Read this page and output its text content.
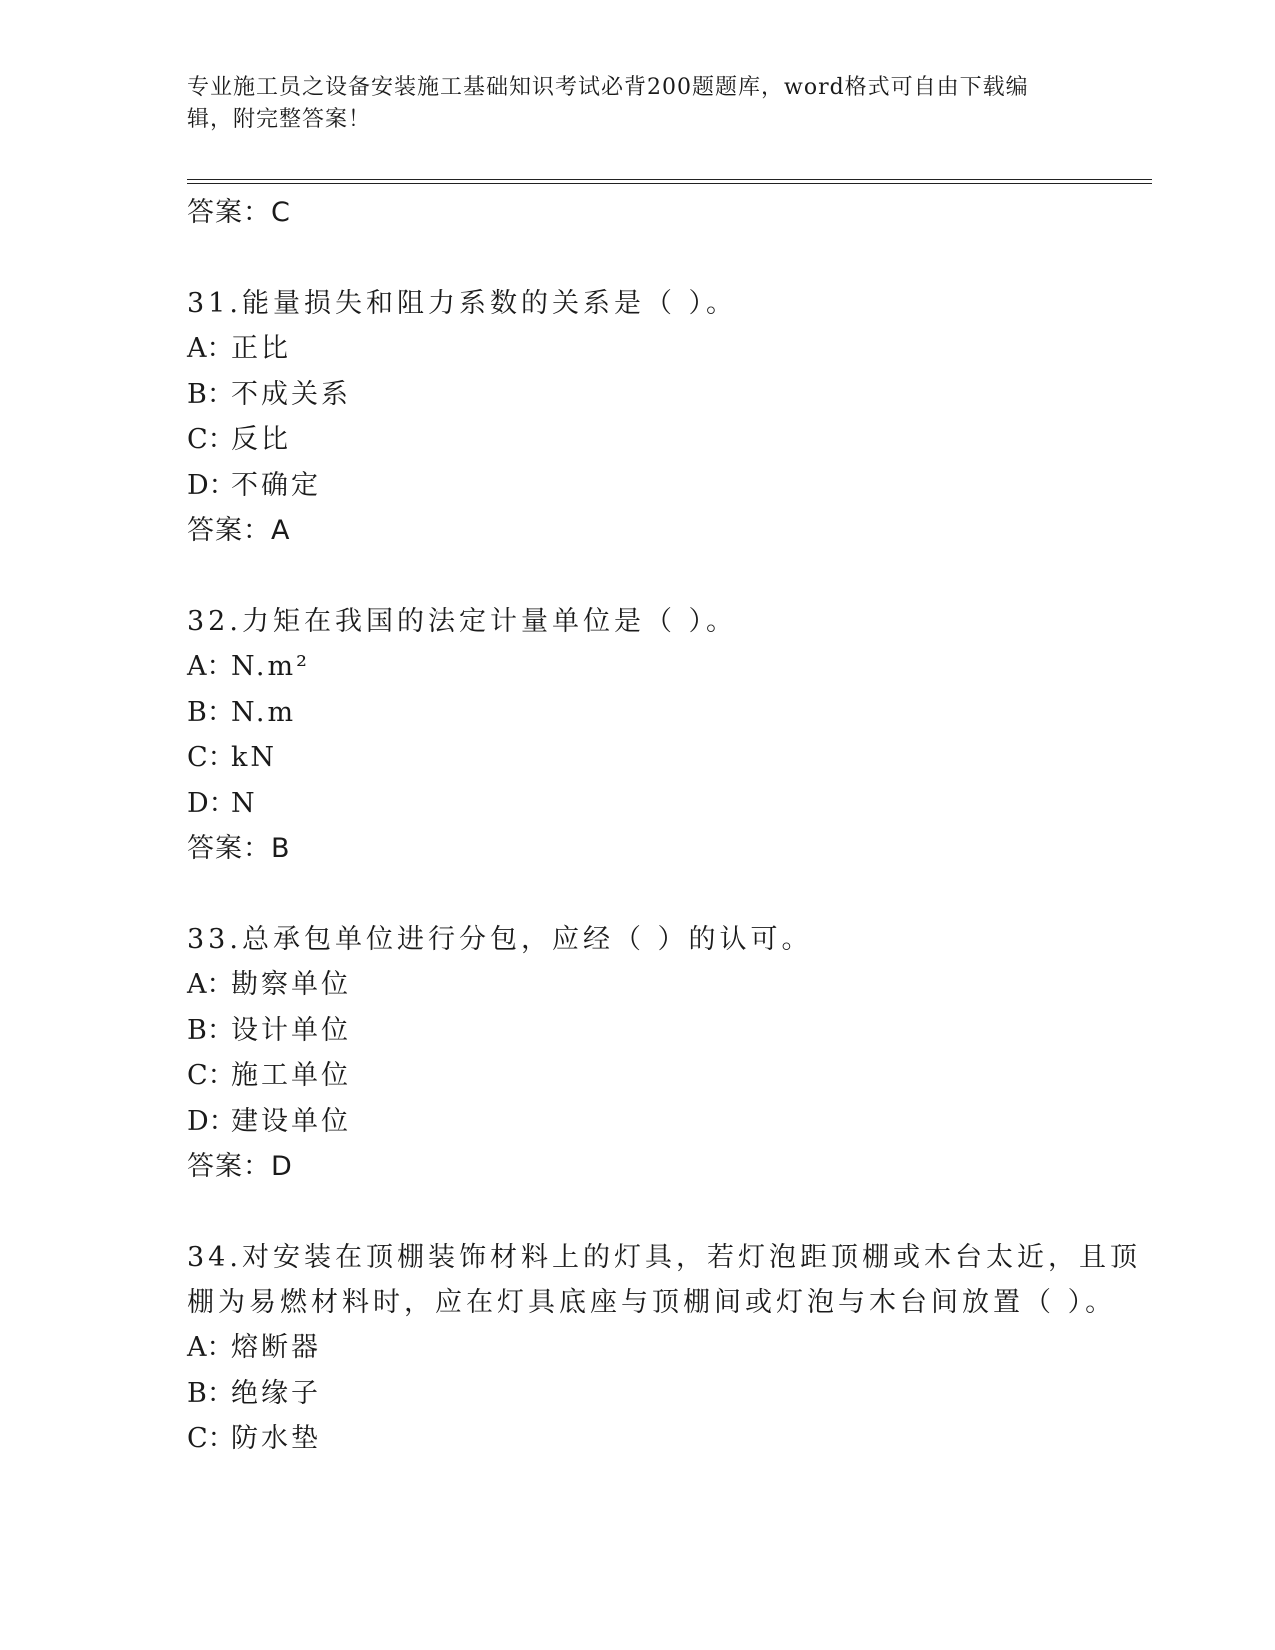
专业施工员之设备安装施工基础知识考试必背200题题库，word格式可自由下载编辑，附完整答案！
答案：C
31.能量损失和阻力系数的关系是（ ）。
A：正比
B：不成关系
C：反比
D：不确定
答案：A
32.力矩在我国的法定计量单位是（ ）。
A：N.m²
B：N.m
C：kN
D：N
答案：B
33.总承包单位进行分包，应经（ ）的认可。
A：勘察单位
B：设计单位
C：施工单位
D：建设单位
答案：D
34.对安装在顶棚装饰材料上的灯具，若灯泡距顶棚或木台太近，且顶棚为易燃材料时，应在灯具底座与顶棚间或灯泡与木台间放置（ ）。
A：熔断器
B：绝缘子
C：防水垫
